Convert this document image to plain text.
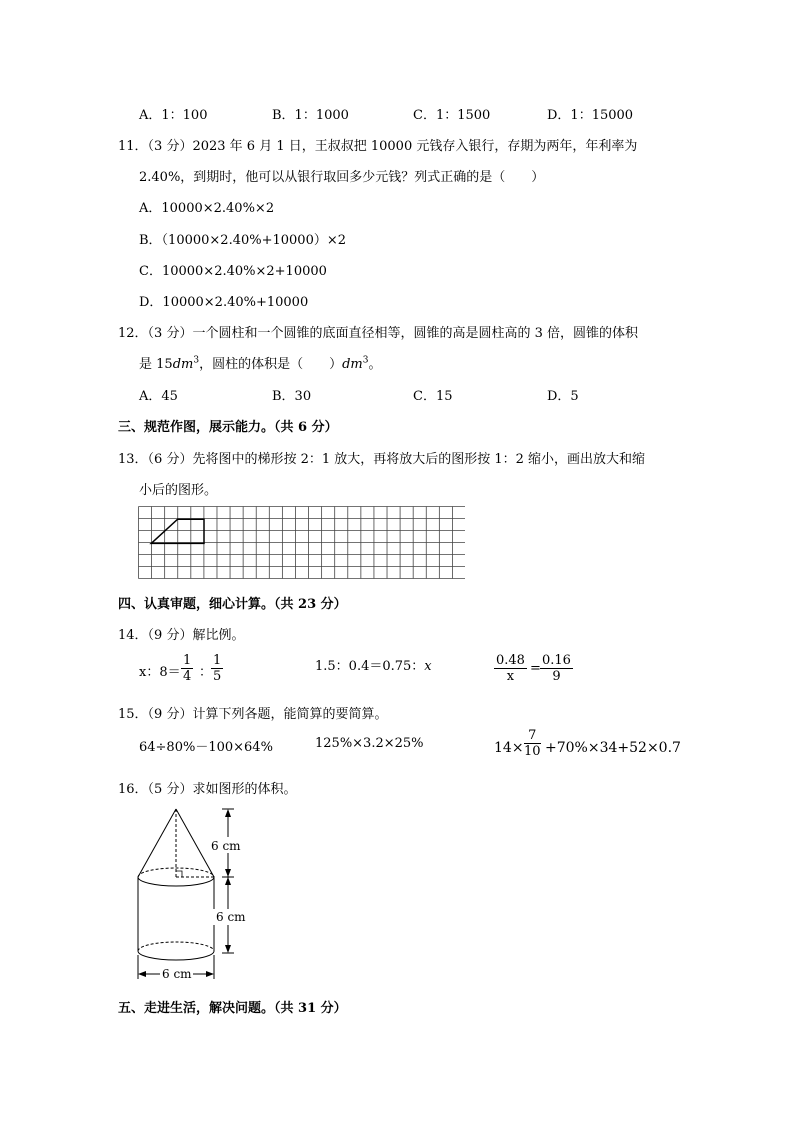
A．1：100	B．1：1000	C．1：1500	D．1：15000
11．（3 分）2023 年 6 月 1 日，王叔叔把 10000 元钱存入银行，存期为两年，年利率为
2.40%，到期时，他可以从银行取回多少元钱？列式正确的是（　　）
A．10000×2.40%×2
B．（10000×2.40%+10000）×2
C．10000×2.40%×2+10000
D．10000×2.40%+10000
12．（3 分）一个圆柱和一个圆锥的底面直径相等，圆锥的高是圆柱高的 3 倍，圆锥的体积
是 $15dm^3$，圆柱的体积是（　　）$dm^3$。
A．45	B．30	C．15	D．5
三、规范作图，展示能力。（共 6 分）
13．（6 分）先将图中的梯形按 2：1 放大，再将放大后的图形按 1：2 缩小，画出放大和缩
小后的图形。
四、认真审题，细心计算。（共 23 分）
14．（9 分）解比例。
x：$8= \frac{1}{4}$ ：
$\frac{1}{5}$	1.5：0.4＝0.75：x	$\frac{0.48}{x} = \frac{0.16}{9}$
15．（9 分）计算下列各题，能简算的要简算。
64÷80%－100×64%	125%×3.2×25%	$14\times \frac{7}{10} +70\%\times 34+52\times 0.7$
16．（5 分）求如图形的体积。
6 cm
6 cm
6 cm
五、走进生活，解决问题。（共 31 分）
